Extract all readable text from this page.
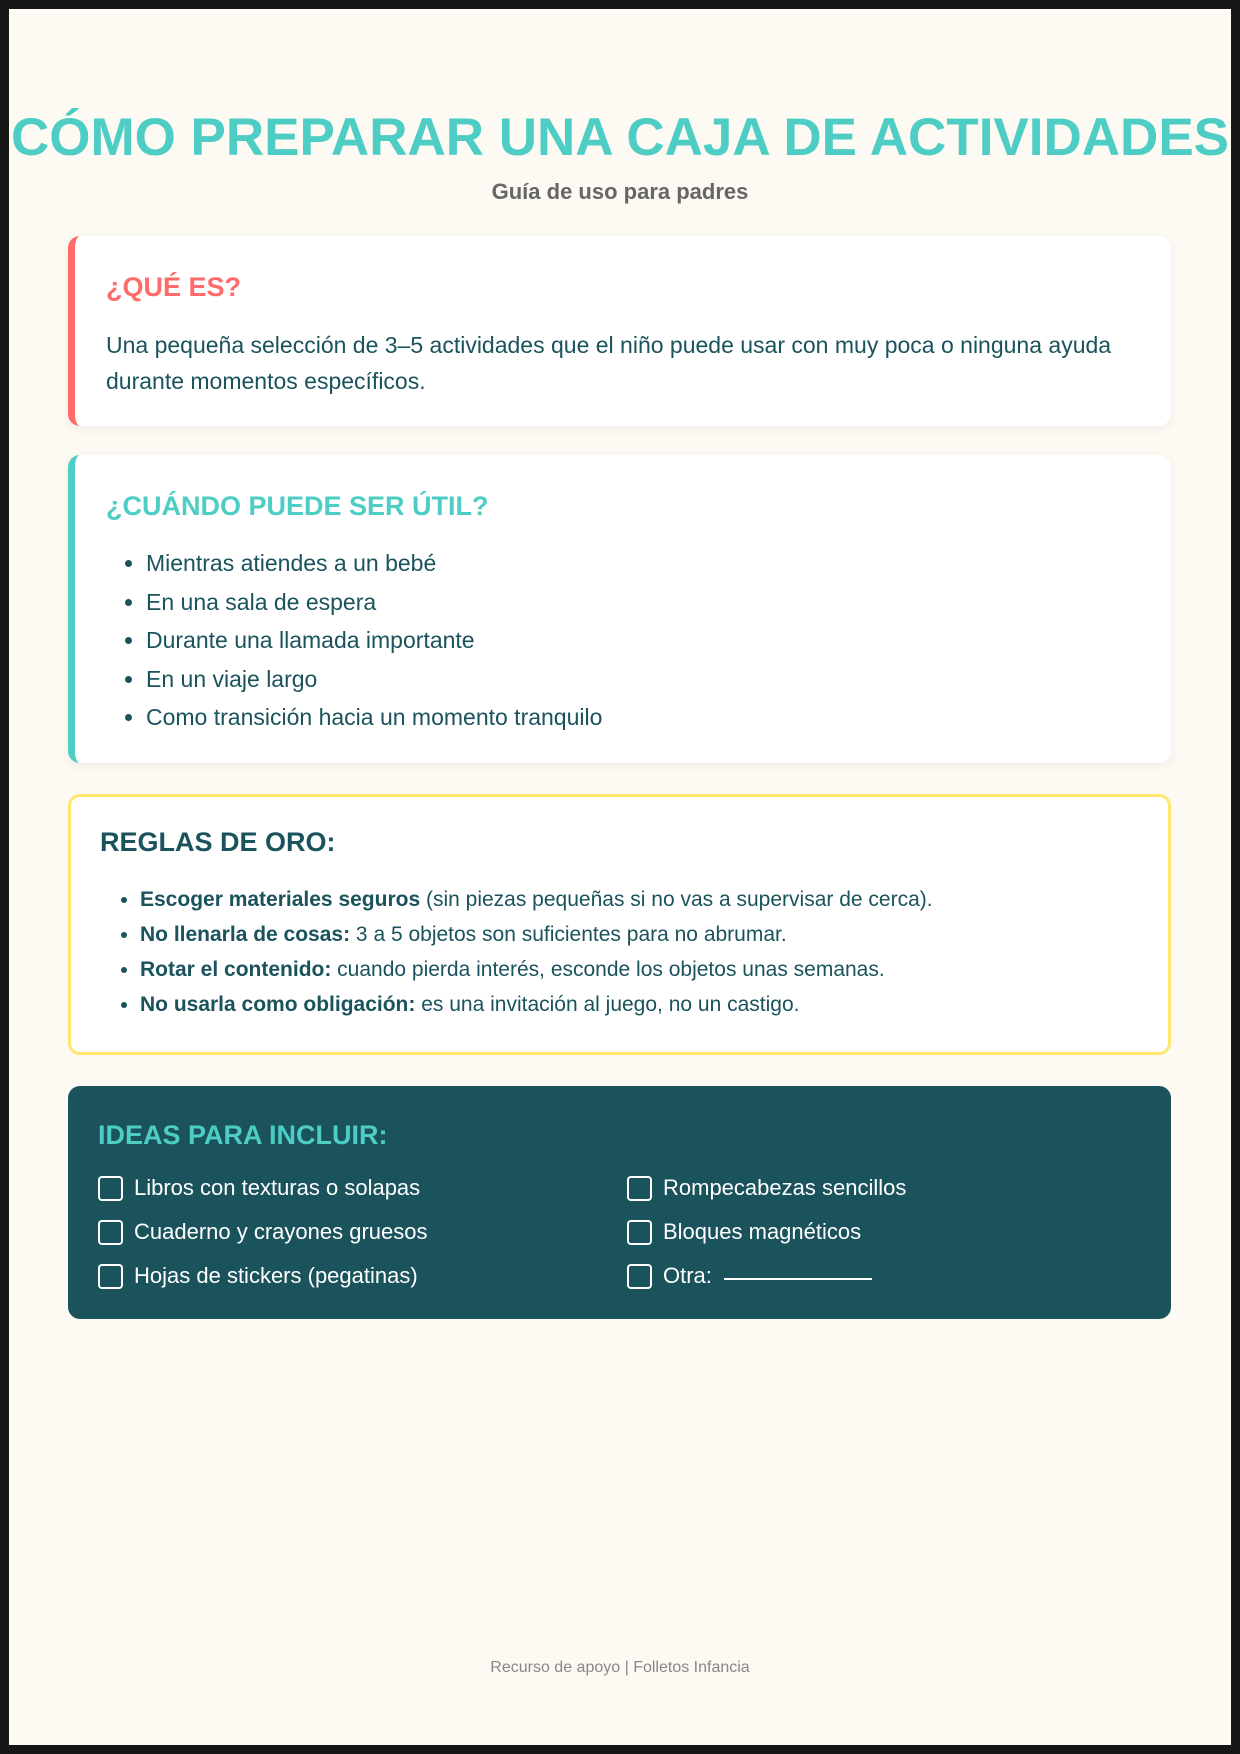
CÓMO PREPARAR UNA CAJA DE ACTIVIDADES

Guía de uso para padres

¿QUÉ ES?

Una pequeña selección de 3–5 actividades que el niño puede usar con muy poca o ninguna ayuda durante momentos específicos.

¿CUÁNDO PUEDE SER ÚTIL?
• Mientras atiendes a un bebé
• En una sala de espera
• Durante una llamada importante
• En un viaje largo
• Como transición hacia un momento tranquilo
REGLAS DE ORO:
• Escoger materiales seguros (sin piezas pequeñas si no vas a supervisar de cerca).
• No llenarla de cosas: 3 a 5 objetos son suficientes para no abrumar.
• Rotar el contenido: cuando pierda interés, esconde los objetos unas semanas.
• No usarla como obligación: es una invitación al juego, no un castigo.
IDEAS PARA INCLUIR:
Libros con texturas o solapas	Rompecabezas sencillos
Cuaderno y crayones gruesos	Bloques magnéticos
Hojas de stickers (pegatinas)	Otra:

Recurso de apoyo | Folletos Infancia
